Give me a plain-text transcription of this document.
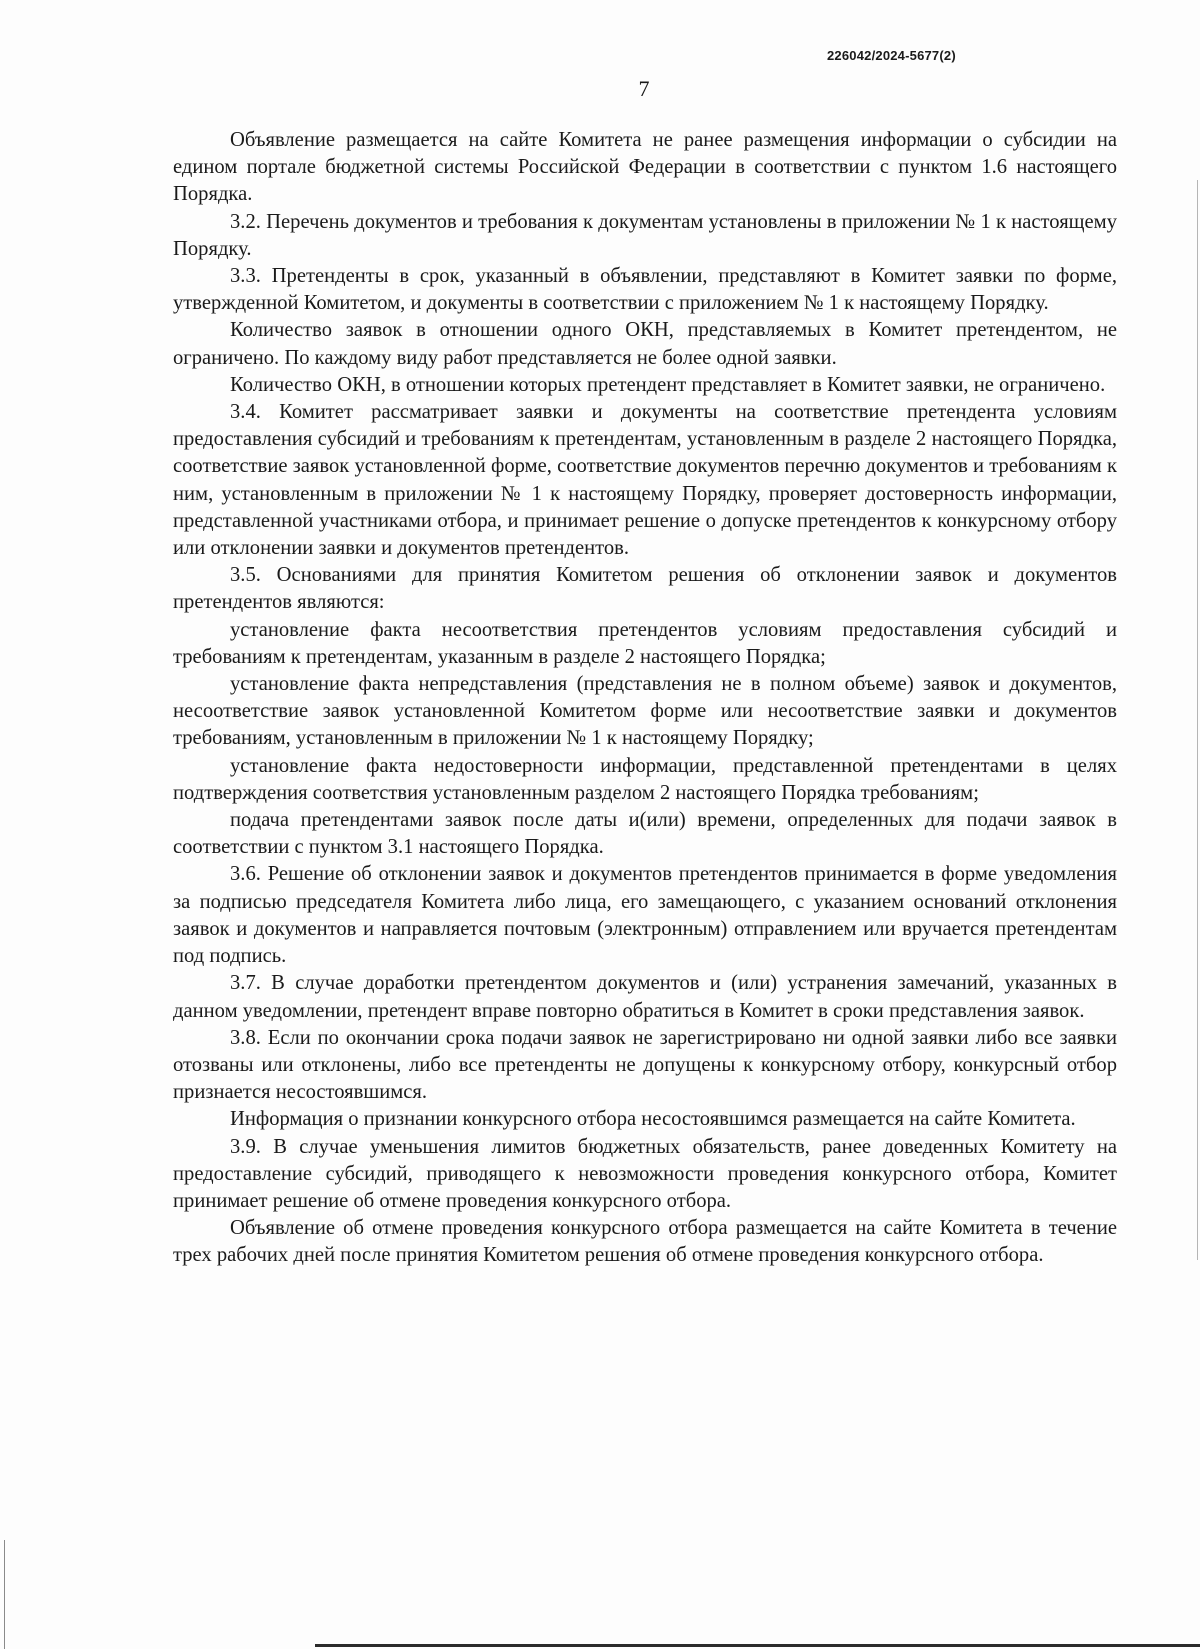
226042/2024-5677(2)
7

Объявление размещается на сайте Комитета не ранее размещения информации о субсидии на едином портале бюджетной системы Российской Федерации в соответствии с пунктом 1.6 настоящего Порядка.

3.2. Перечень документов и требования к документам установлены в приложении № 1 к настоящему Порядку.

3.3. Претенденты в срок, указанный в объявлении, представляют в Комитет заявки по форме, утвержденной Комитетом, и документы в соответствии с приложением № 1 к настоящему Порядку.

Количество заявок в отношении одного ОКН, представляемых в Комитет претендентом, не ограничено. По каждому виду работ представляется не более одной заявки.

Количество ОКН, в отношении которых претендент представляет в Комитет заявки, не ограничено.

3.4. Комитет рассматривает заявки и документы на соответствие претендента условиям предоставления субсидий и требованиям к претендентам, установленным в разделе 2 настоящего Порядка, соответствие заявок установленной форме, соответствие документов перечню документов и требованиям к ним, установленным в приложении № 1 к настоящему Порядку, проверяет достоверность информации, представленной участниками отбора, и принимает решение о допуске претендентов к конкурсному отбору или отклонении заявки и документов претендентов.

3.5. Основаниями для принятия Комитетом решения об отклонении заявок и документов претендентов являются:

установление факта несоответствия претендентов условиям предоставления субсидий и требованиям к претендентам, указанным в разделе 2 настоящего Порядка;

установление факта непредставления (представления не в полном объеме) заявок и документов, несоответствие заявок установленной Комитетом форме или несоответствие заявки и документов требованиям, установленным в приложении № 1 к настоящему Порядку;

установление факта недостоверности информации, представленной претендентами в целях подтверждения соответствия установленным разделом 2 настоящего Порядка требованиям;

подача претендентами заявок после даты и(или) времени, определенных для подачи заявок в соответствии с пунктом 3.1 настоящего Порядка.

3.6. Решение об отклонении заявок и документов претендентов принимается в форме уведомления за подписью председателя Комитета либо лица, его замещающего, с указанием оснований отклонения заявок и документов и направляется почтовым (электронным) отправлением или вручается претендентам под подпись.

3.7. В случае доработки претендентом документов и (или) устранения замечаний, указанных в данном уведомлении, претендент вправе повторно обратиться в Комитет в сроки представления заявок.

3.8. Если по окончании срока подачи заявок не зарегистрировано ни одной заявки либо все заявки отозваны или отклонены, либо все претенденты не допущены к конкурсному отбору, конкурсный отбор признается несостоявшимся.

Информация о признании конкурсного отбора несостоявшимся размещается на сайте Комитета.

3.9. В случае уменьшения лимитов бюджетных обязательств, ранее доведенных Комитету на предоставление субсидий, приводящего к невозможности проведения конкурсного отбора, Комитет принимает решение об отмене проведения конкурсного отбора.

Объявление об отмене проведения конкурсного отбора размещается на сайте Комитета в течение трех рабочих дней после принятия Комитетом решения об отмене проведения конкурсного отбора.
